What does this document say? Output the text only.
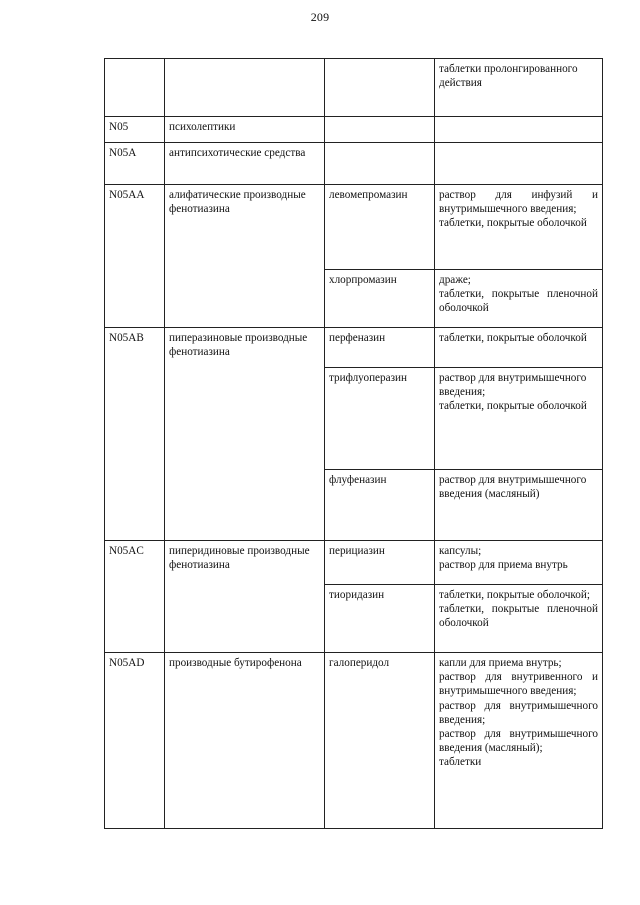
209

			таблетки пролонгированного действия

N05	психолептики		
N05A	антипсихотические средства		
N05AA	алифатические производные фенотиазина	левомепромазин	раствор для инфузий и внутримышечного введения;
таблетки, покрытые оболочкой

		хлорпромазин	драже;
таблетки, покрытые пленочной оболочкой

N05AB	пиперазиновые производные фенотиазина	перфеназин	таблетки, покрытые оболочкой

		трифлуоперазин	раствор для внутримышечного введения;
таблетки, покрытые оболочкой

		флуфеназин	раствор для внутримышечного введения (масляный)

N05AC	пиперидиновые производные фенотиазина	перициазин	капсулы;
раствор для приема внутрь

		тиоридазин	таблетки, покрытые оболочкой;
таблетки, покрытые пленочной оболочкой

N05AD	производные бутирофенона	галоперидол	капли для приема внутрь;
раствор для внутривенного и внутримышечного введения;
раствор для внутримышечного введения;
раствор для внутримышечного введения (масляный);
таблетки
